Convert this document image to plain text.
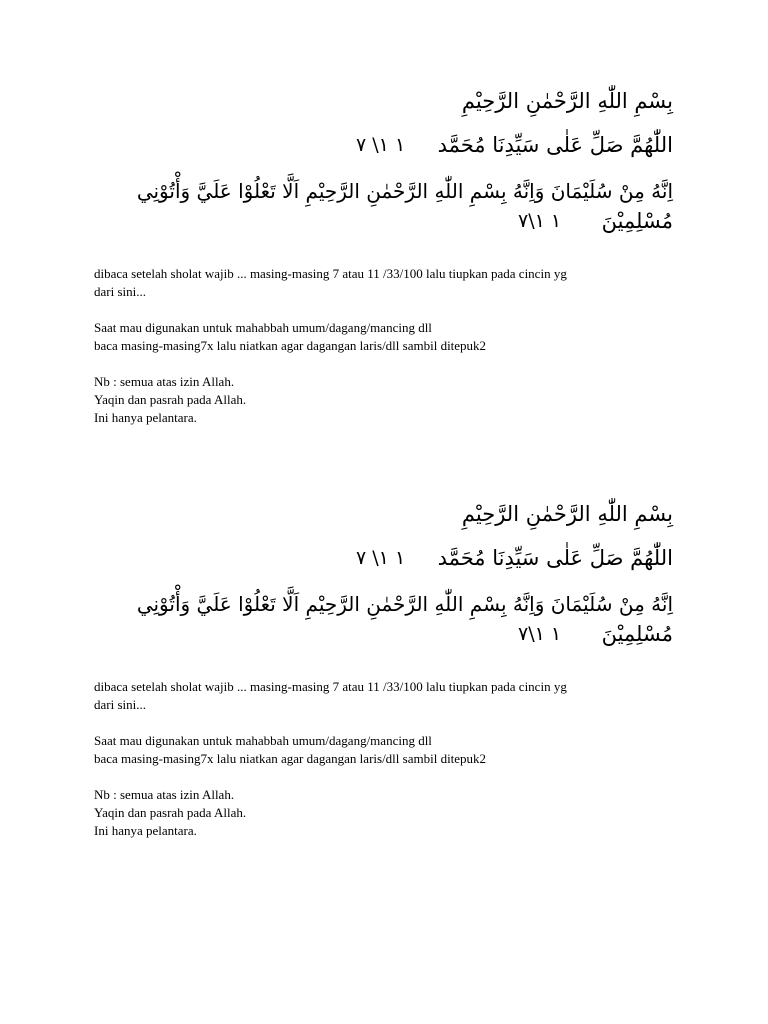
بِسْمِ اللّٰهِ الرَّحْمٰنِ الرَّحِيْمِ

اللّٰهُمَّ صَلِّ عَلٰى سَيِّدِنَا مُحَمَّد

١ ١\ ٧

اِنَّهُ مِنْ سُلَيْمَانَ وَاِنَّهُ بِسْمِ اللّٰهِ الرَّحْمٰنِ الرَّحِيْمِ اَلَّا تَعْلُوْا عَلَيَّ وَأْتُوْنِي

مُسْلِمِيْنَ

١ ١\٧

dibaca setelah sholat wajib ... masing-masing 7 atau 11 /33/100 lalu tiupkan pada cincin yg

dari sini...

Saat mau digunakan untuk mahabbah umum/dagang/mancing dll

baca masing-masing7x lalu niatkan agar dagangan laris/dll sambil ditepuk2

Nb : semua atas izin Allah.

Yaqin dan pasrah pada Allah.

Ini hanya pelantara.

بِسْمِ اللّٰهِ الرَّحْمٰنِ الرَّحِيْمِ

اللّٰهُمَّ صَلِّ عَلٰى سَيِّدِنَا مُحَمَّد

١ ١\ ٧

اِنَّهُ مِنْ سُلَيْمَانَ وَاِنَّهُ بِسْمِ اللّٰهِ الرَّحْمٰنِ الرَّحِيْمِ اَلَّا تَعْلُوْا عَلَيَّ وَأْتُوْنِي

مُسْلِمِيْنَ

١ ١\٧

dibaca setelah sholat wajib ... masing-masing 7 atau 11 /33/100 lalu tiupkan pada cincin yg

dari sini...

Saat mau digunakan untuk mahabbah umum/dagang/mancing dll

baca masing-masing7x lalu niatkan agar dagangan laris/dll sambil ditepuk2

Nb : semua atas izin Allah.

Yaqin dan pasrah pada Allah.

Ini hanya pelantara.
